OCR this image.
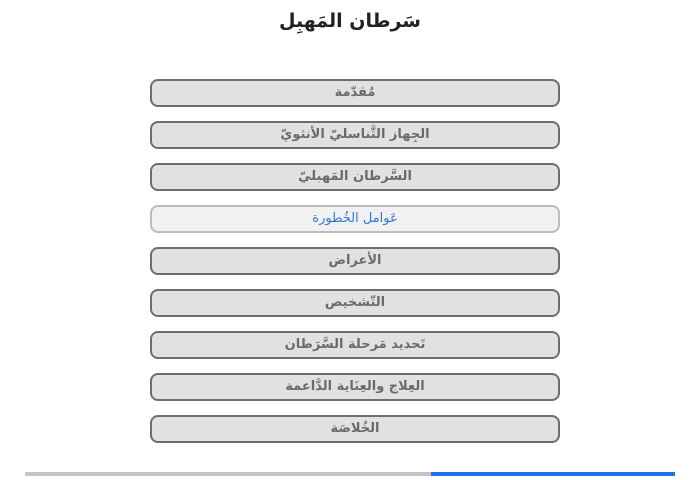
سَرطان المَهبِل
مُقدّمة
الجِهاز التَّناسليّ الأنثويّ
السَّرطان المَهبليّ
عَوامل الخُطورة
الأعراض
التّشخيص
تَحديد مَرحلة السَّرَطان
العِلاج والعِنَاية الدَّاعمة
الخُلاصَة
